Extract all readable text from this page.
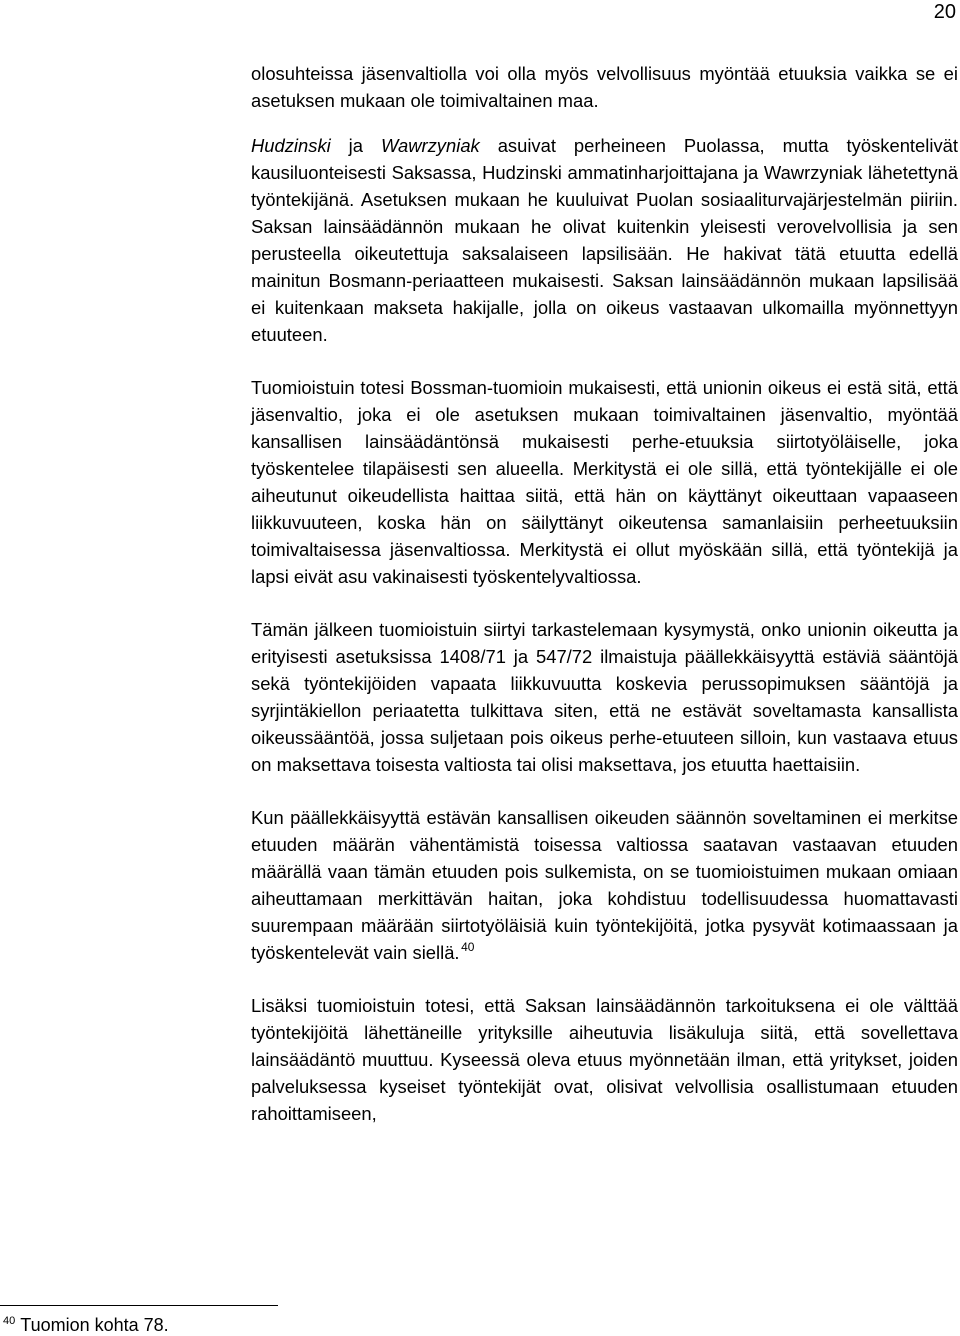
20

olosuhteissa jäsenvaltiolla voi olla myös velvollisuus myöntää etuuksia vaikka se ei asetuksen mukaan ole toimivaltainen maa.

Hudzinski ja Wawrzyniak asuivat perheineen Puolassa, mutta työskentelivät kausiluonteisesti Saksassa, Hudzinski ammatinharjoittajana ja Wawrzyniak lähetettynä työntekijänä. Asetuksen mukaan he kuuluivat Puolan sosiaaliturvajärjestelmän piiriin. Saksan lainsäädännön mukaan he olivat kuitenkin yleisesti verovelvollisia ja sen perusteella oikeutettuja saksalaiseen lapsilisään. He hakivat tätä etuutta edellä mainitun Bosmann-periaatteen mukaisesti. Saksan lainsäädännön mukaan lapsilisää ei kuitenkaan makseta hakijalle, jolla on oikeus vastaavan ulkomailla myönnettyyn etuuteen.

Tuomioistuin totesi Bossman-tuomioin mukaisesti, että unionin oikeus ei estä sitä, että jäsenvaltio, joka ei ole asetuksen mukaan toimivaltainen jäsenvaltio, myöntää kansallisen lainsäädäntönsä mukaisesti perhe-etuuksia siirtotyöläiselle, joka työskentelee tilapäisesti sen alueella. Merkitystä ei ole sillä, että työntekijälle ei ole aiheutunut oikeudellista haittaa siitä, että hän on käyttänyt oikeuttaan vapaaseen liikkuvuuteen, koska hän on säilyttänyt oikeutensa samanlaisiin perheetuuksiin toimivaltaisessa jäsenvaltiossa. Merkitystä ei ollut myöskään sillä, että työntekijä ja lapsi eivät asu vakinaisesti työskentelyvaltiossa.

Tämän jälkeen tuomioistuin siirtyi tarkastelemaan kysymystä, onko unionin oikeutta ja erityisesti asetuksissa 1408/71 ja 547/72 ilmaistuja päällekkäisyyttä estäviä sääntöjä sekä työntekijöiden vapaata liikkuvuutta koskevia perussopimuksen sääntöjä ja syrjintäkiellon periaatetta tulkittava siten, että ne estävät soveltamasta kansallista oikeussääntöä, jossa suljetaan pois oikeus perhe-etuuteen silloin, kun vastaava etuus on maksettava toisesta valtiosta tai olisi maksettava, jos etuutta haettaisiin.

Kun päällekkäisyyttä estävän kansallisen oikeuden säännön soveltaminen ei merkitse etuuden määrän vähentämistä toisessa valtiossa saatavan vastaavan etuuden määrällä vaan tämän etuuden pois sulkemista, on se tuomioistuimen mukaan omiaan aiheuttamaan merkittävän haitan, joka kohdistuu todellisuudessa huomattavasti suurempaan määrään siirtotyöläisiä kuin työntekijöitä, jotka pysyvät kotimaassaan ja työskentelevät vain siellä.  $^{40}$

Lisäksi tuomioistuin totesi, että Saksan lainsäädännön tarkoituksena ei ole välttää työntekijöitä lähettäneille yrityksille aiheutuvia lisäkuluja siitä, että sovellettava lainsäädäntö muuttuu. Kyseessä oleva etuus myönnetään ilman, että yritykset, joiden palveluksessa kyseiset työntekijät ovat, olisivat velvollisia osallistumaan etuuden rahoittamiseen,

$^{40}$ Tuomion kohta 78.
